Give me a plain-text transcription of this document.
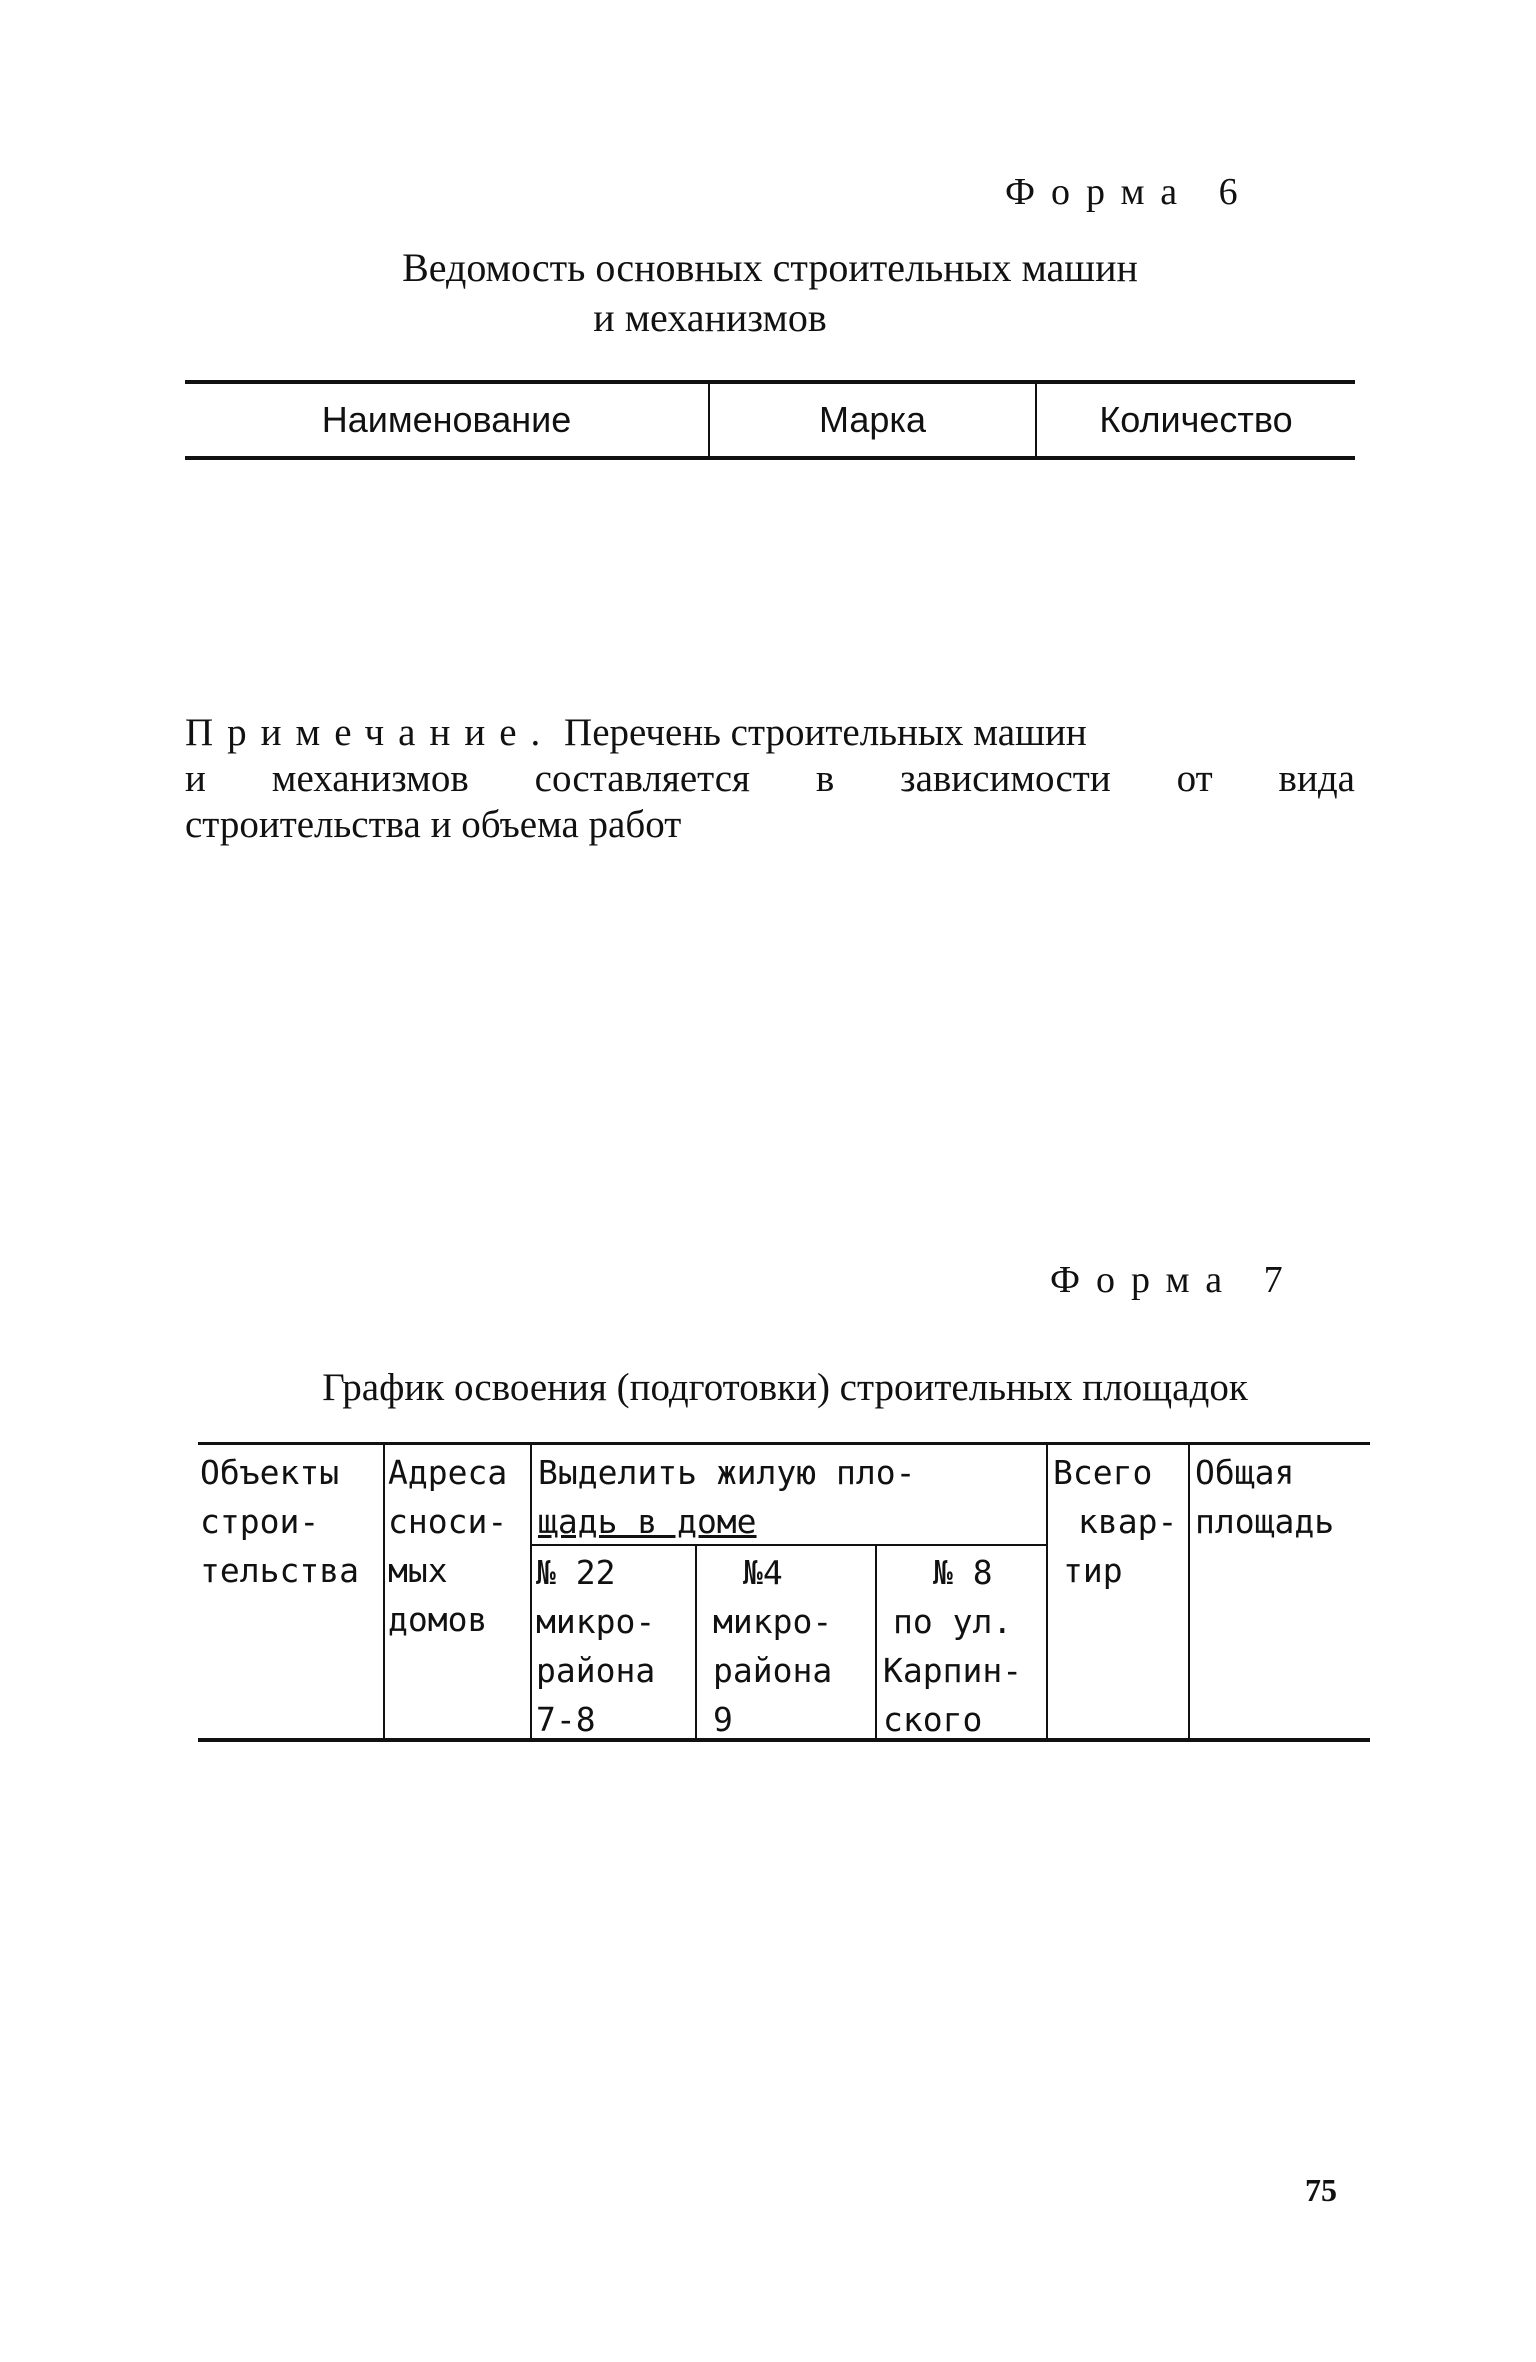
Форма 6
Ведомость основных строительных машин
и механизмов
Наименование	Марка	Количество
Примечание. Перечень строительных машин
и механизмов составляется в зависимости от вида
строительства и объема работ
Форма 7
График освоения (подготовки) строительных площадок
Объекты
строи-
тельства
Адреса
сноси-
мых
домов
Выделить жилую пло-
щадь в доме
№ 22
микро-
района
7-8
№4
микро-
района
9
№ 8
по ул.
Карпин-
ского
Всего
квар-
тир
Общая
площадь
75
